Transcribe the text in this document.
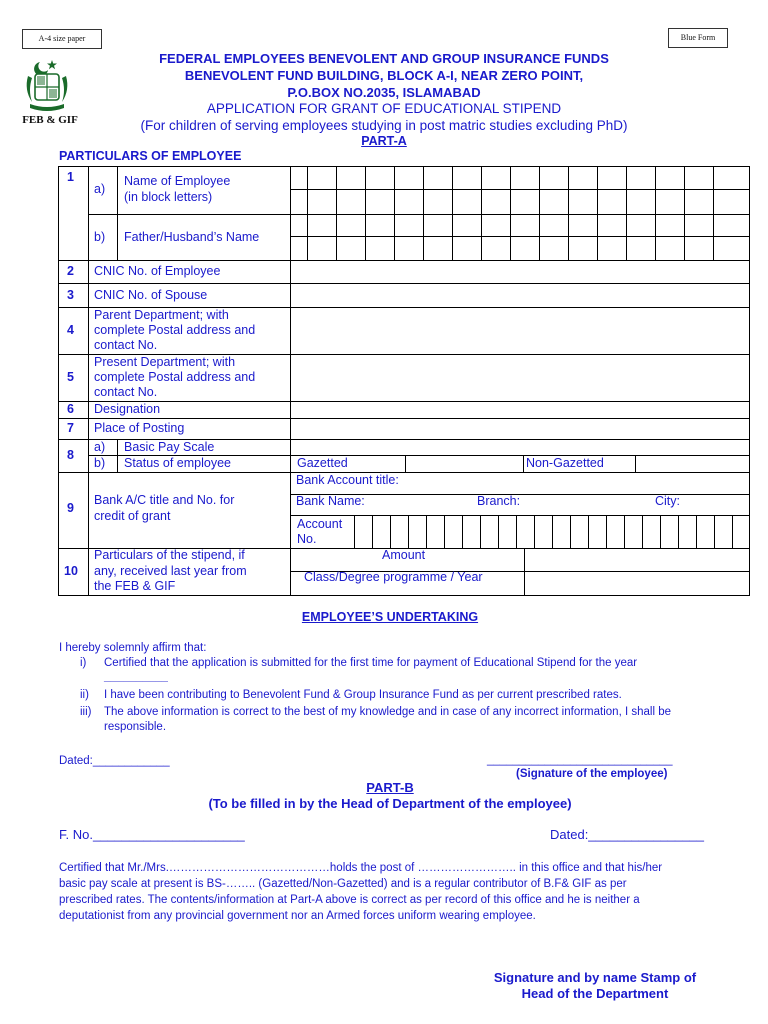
A-4 size paper	Blue Form
FEB & GIF
FEDERAL EMPLOYEES BENEVOLENT AND GROUP INSURANCE FUNDS
BENEVOLENT FUND BUILDING, BLOCK A-I, NEAR ZERO POINT,
P.O.BOX NO.2035, ISLAMABAD
APPLICATION FOR GRANT OF EDUCATIONAL STIPEND
(For children of serving employees studying in post matric studies excluding PhD)
PART-A
PARTICULARS OF EMPLOYEE
1
a)
Name of Employee
(in block letters)
b) Father/Husband’s Name
2 CNIC No. of Employee
3 CNIC No. of Spouse
4
Parent Department; with
complete Postal address and
contact No.
5
Present Department; with
complete Postal address and
contact No.
6 Designation
7 Place of Posting
8
a) Basic Pay Scale
b) Status of employee	Gazetted	Non-Gazetted
9
Bank A/C title and No. for
credit of grant
Bank Account title:
Bank Name:	Branch:	City:
Account
No.
10
Particulars of the stipend, if
any, received last year from
the FEB & GIF
Amount
Class/Degree programme / Year
EMPLOYEE’S UNDERTAKING
I hereby solemnly affirm that:
i) Certified that the application is submitted for the first time for payment of Educational Stipend for the year
__________
ii) I have been contributing to Benevolent Fund & Group Insurance Fund as per current prescribed rates.
iii) The above information is correct to the best of my knowledge and in case of any incorrect information, I shall be
responsible.
Dated:____________	_____________________________
(Signature of the employee)
PART-B
(To be filled in by the Head of Department of the employee)
F. No._____________________	Dated:________________
Certified that Mr./Mrs.……………………………………holds the post of …………………….. in this office and that his/her
basic pay scale at present is BS-…….. (Gazetted/Non-Gazetted) and is a regular contributor of B.F& GIF as per
prescribed rates. The contents/information at Part-A above is correct as per record of this office and he is neither a
deputationist from any provincial government nor an Armed forces uniform wearing employee.
Signature and by name Stamp of
Head of the Department
